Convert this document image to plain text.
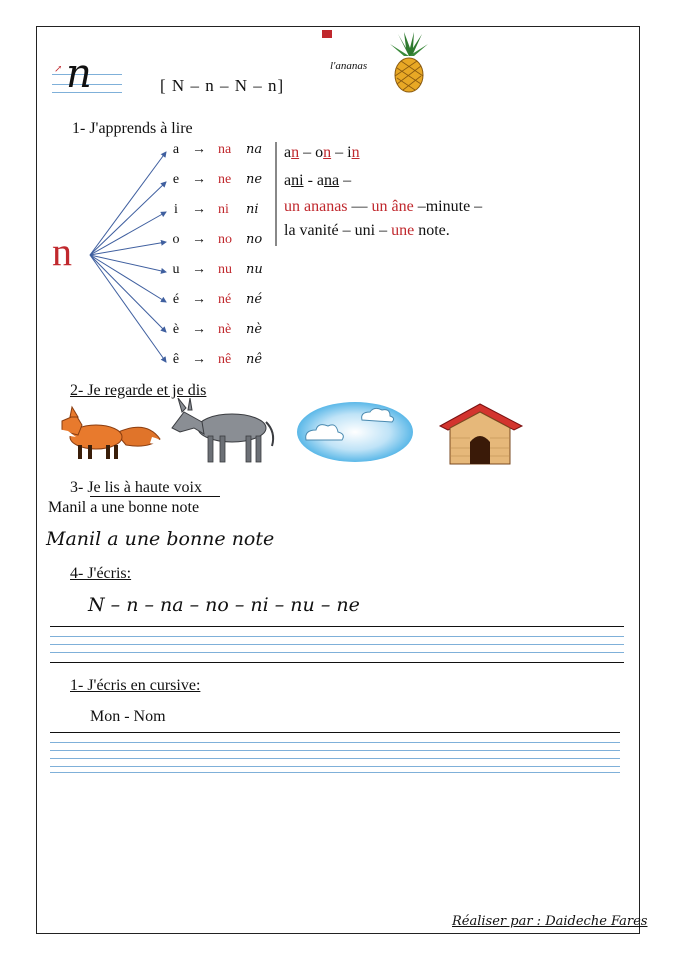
↗ n	[ N – n – N – n]
l'ananas
1- J'apprends à lire
n
a → na na
e → ne ne
i → ni ni
o → no no
u → nu nu
é → né né
è → nè nè
ê → nê nê
an – on – in
ani - ana –
un ananas — un âne –minute –
la vanité – uni – une note.
2- Je regarde et je dis
3- Je lis à haute voix
Manil a une bonne note
Manil a une bonne note
4- J'écris:
N – n – na – no – ni – nu – ne
1- J'écris en cursive:
Mon - Nom
Réaliser par : Daideche Fares
